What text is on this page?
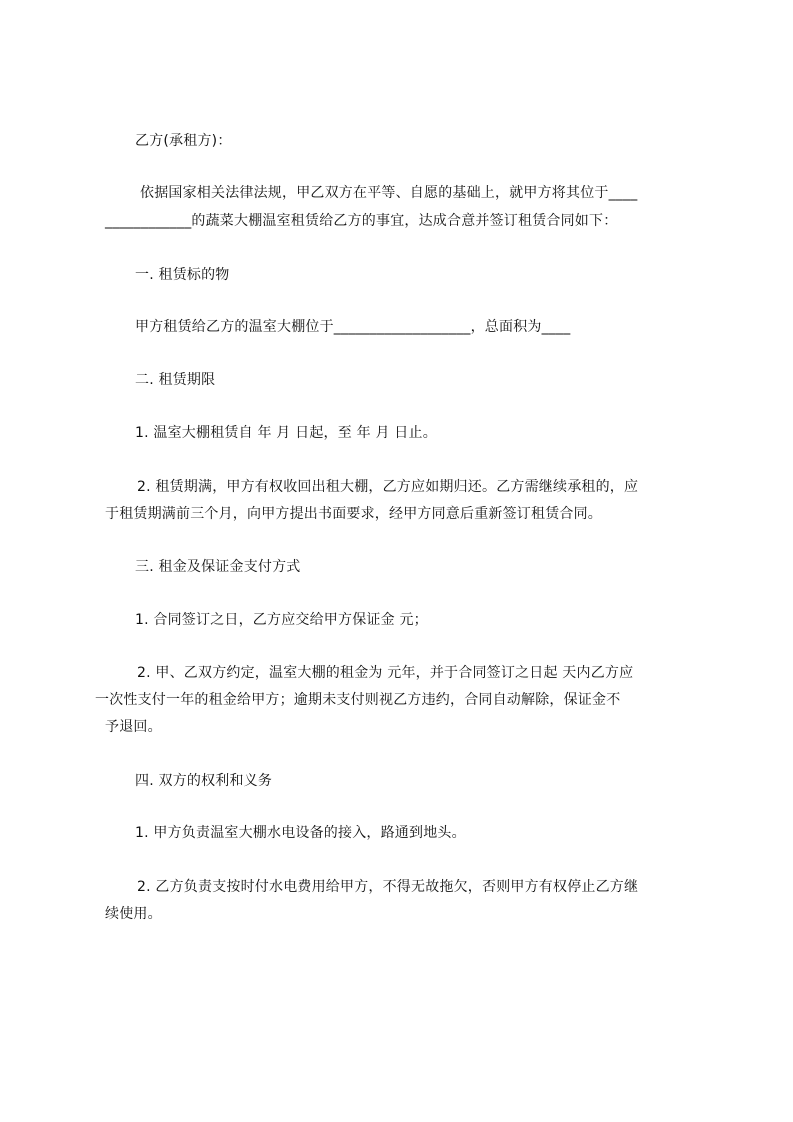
乙方(承租方)：
依据国家相关法律法规，甲乙双方在平等、自愿的基础上，就甲方将其位于____
____________的蔬菜大棚温室租赁给乙方的事宜，达成合意并签订租赁合同如下：
一. 租赁标的物
甲方租赁给乙方的温室大棚位于___________________，总面积为____
二. 租赁期限
1. 温室大棚租赁自 年 月 日起，至 年 月 日止。
2. 租赁期满，甲方有权收回出租大棚，乙方应如期归还。乙方需继续承租的，应
于租赁期满前三个月，向甲方提出书面要求，经甲方同意后重新签订租赁合同。
三. 租金及保证金支付方式
1. 合同签订之日，乙方应交给甲方保证金 元；
2. 甲、乙双方约定，温室大棚的租金为 元年，并于合同签订之日起 天内乙方应
一次性支付一年的租金给甲方；逾期未支付则视乙方违约，合同自动解除，保证金不
予退回。
四. 双方的权利和义务
1. 甲方负责温室大棚水电设备的接入，路通到地头。
2. 乙方负责支按时付水电费用给甲方，不得无故拖欠，否则甲方有权停止乙方继
续使用。
